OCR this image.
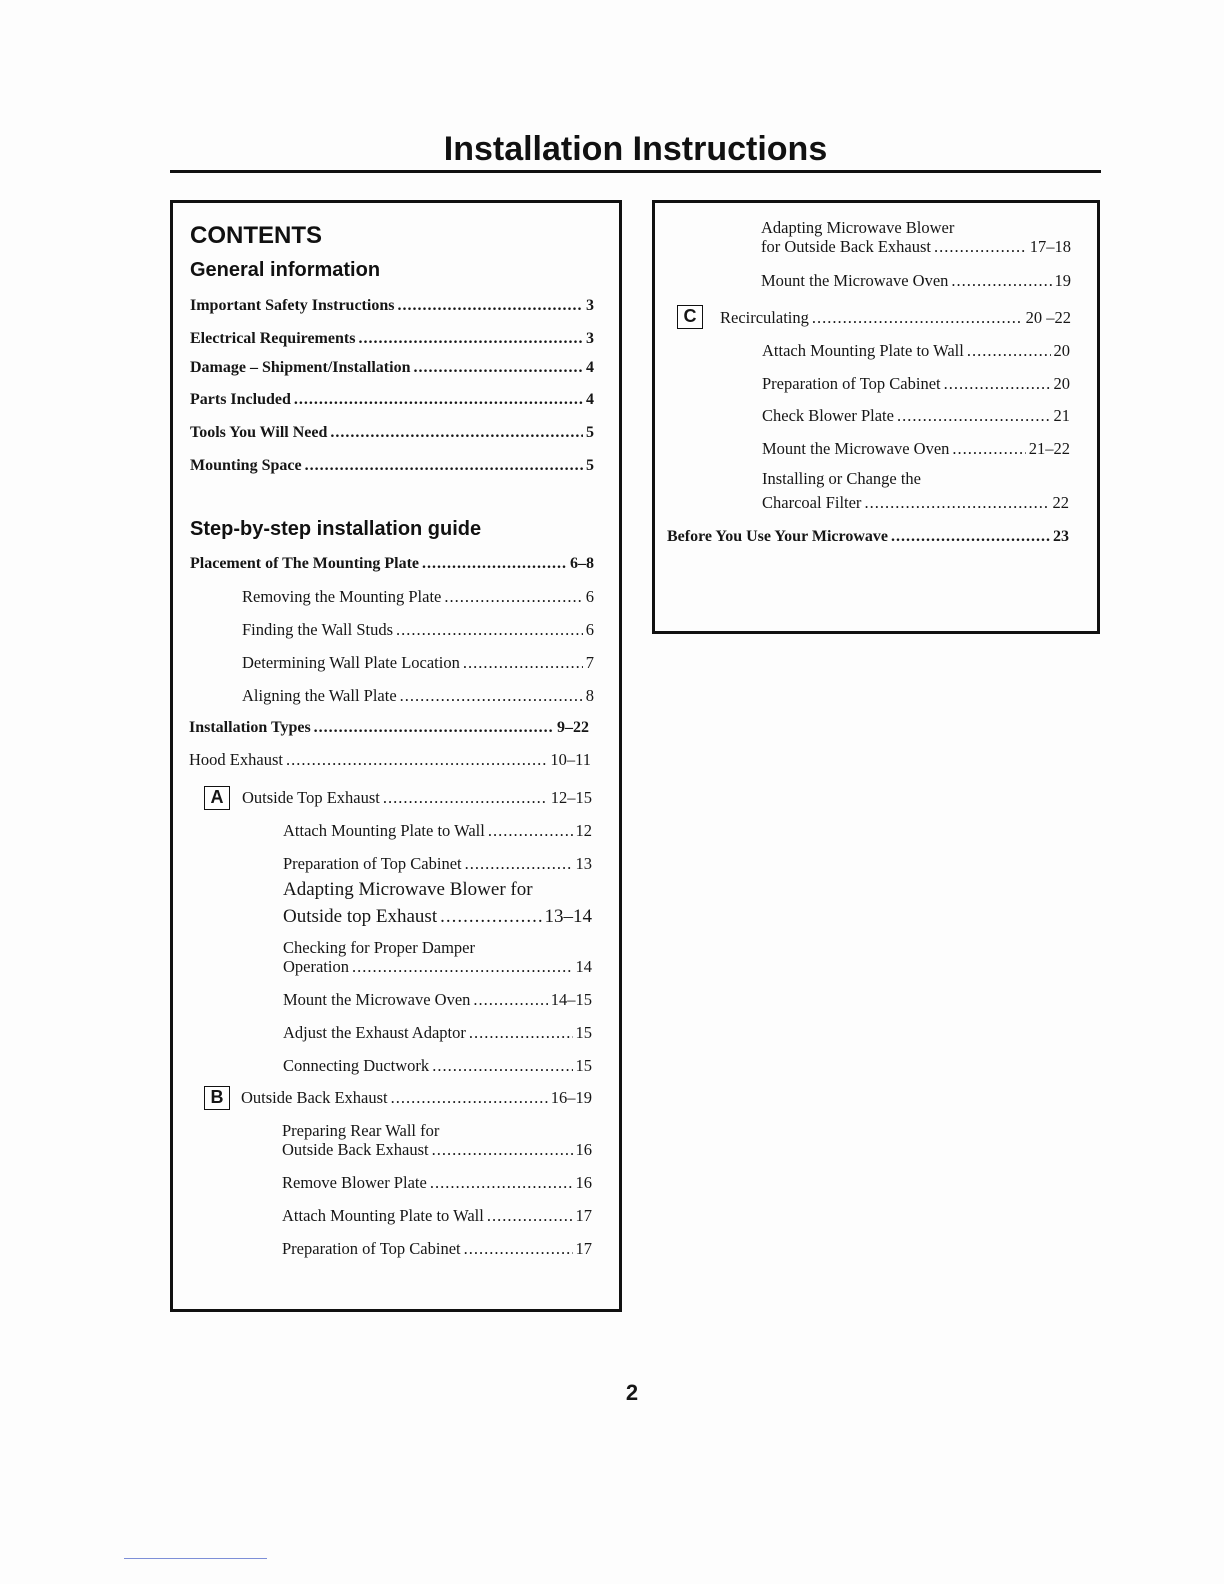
Installation Instructions
CONTENTS
General information
Important Safety Instructions .....	3
Electrical Requirements .....	3
Damage – Shipment/Installation .....	4
Parts Included .....	4
Tools You Will Need .....	5
Mounting Space .....	5
Step-by-step installation guide
Placement of The Mounting Plate .....	6–8
Removing the Mounting Plate .....	6
Finding the Wall Studs .....	6
Determining Wall Plate Location .....	7
Aligning the Wall Plate .....	8
Installation Types .....	9–22
Hood Exhaust .....	10–11
A	Outside Top Exhaust .....	12–15
Attach Mounting Plate to Wall .....	12
Preparation of Top Cabinet .....	13
Adapting Microwave Blower for
Outside top Exhaust .....	13–14
Checking for Proper Damper
Operation .....	14
Mount the Microwave Oven .....	14–15
Adjust the Exhaust Adaptor .....	15
Connecting Ductwork .....	15
B	Outside Back Exhaust .....	16–19
Preparing Rear Wall for
Outside Back Exhaust .....	16
Remove Blower Plate .....	16
Attach Mounting Plate to Wall .....	17
Preparation of Top Cabinet .....	17
Adapting Microwave Blower
for Outside Back Exhaust .....	17–18
Mount the Microwave Oven .....	19
C	Recirculating .....	20 –22
Attach Mounting Plate to Wall .....	20
Preparation of Top Cabinet .....	20
Check Blower Plate .....	21
Mount the Microwave Oven .....	21–22
Installing or Change the
Charcoal Filter .....	22
Before You Use Your Microwave .....	23
2
